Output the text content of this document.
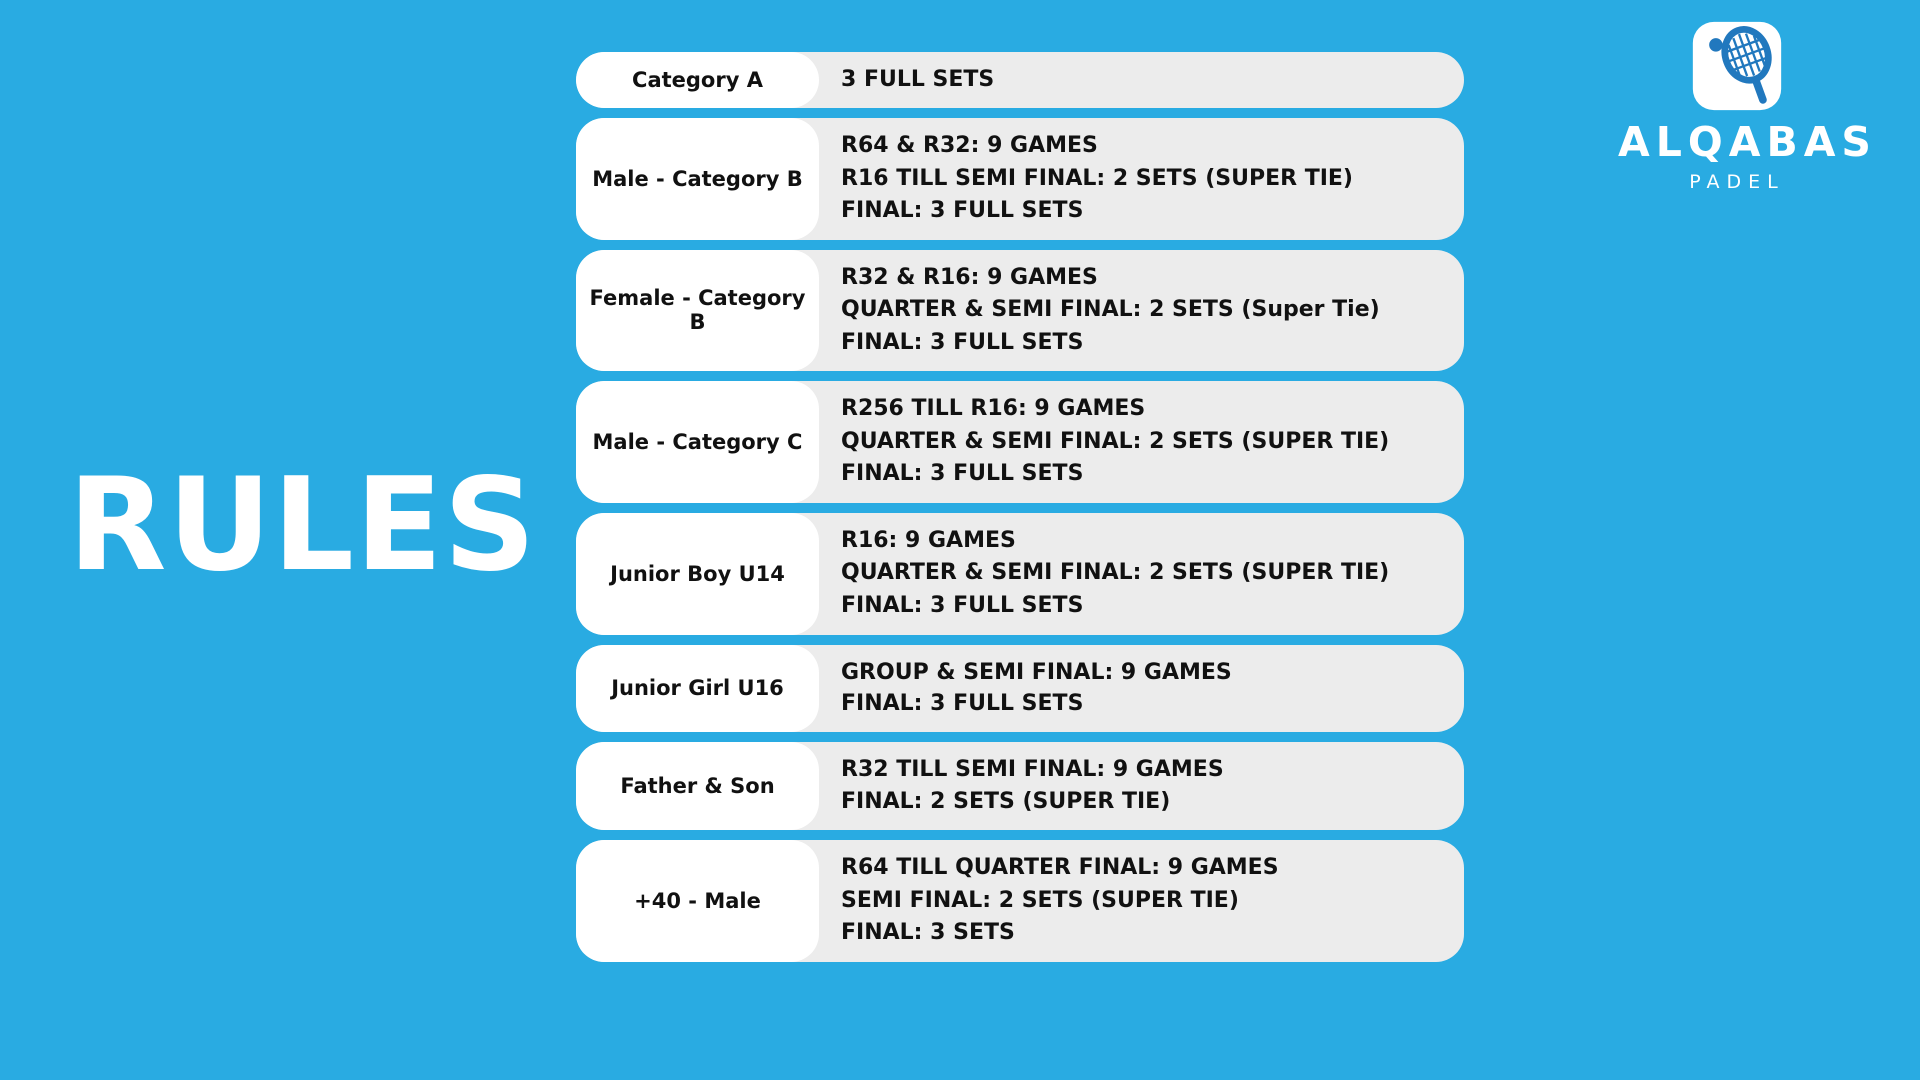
RULES
ALQABAS
PADEL
Category A	3 FULL SETS
Male - Category B
R64 & R32: 9 GAMES
R16 TILL SEMI FINAL: 2 SETS (SUPER TIE)
FINAL: 3 FULL SETS
Female - Category B
R32 & R16: 9 GAMES
QUARTER & SEMI FINAL: 2 SETS (Super Tie)
FINAL: 3 FULL SETS
Male - Category C
R256 TILL R16: 9 GAMES
QUARTER & SEMI FINAL: 2 SETS (SUPER TIE)
FINAL: 3 FULL SETS
Junior Boy U14
R16: 9 GAMES
QUARTER & SEMI FINAL: 2 SETS (SUPER TIE)
FINAL: 3 FULL SETS
Junior Girl U16
GROUP & SEMI FINAL: 9 GAMES
FINAL: 3 FULL SETS
Father & Son
R32 TILL SEMI FINAL: 9 GAMES
FINAL: 2 SETS (SUPER TIE)
+40 - Male
R64 TILL QUARTER FINAL: 9 GAMES
SEMI FINAL: 2 SETS (SUPER TIE)
FINAL: 3 SETS
